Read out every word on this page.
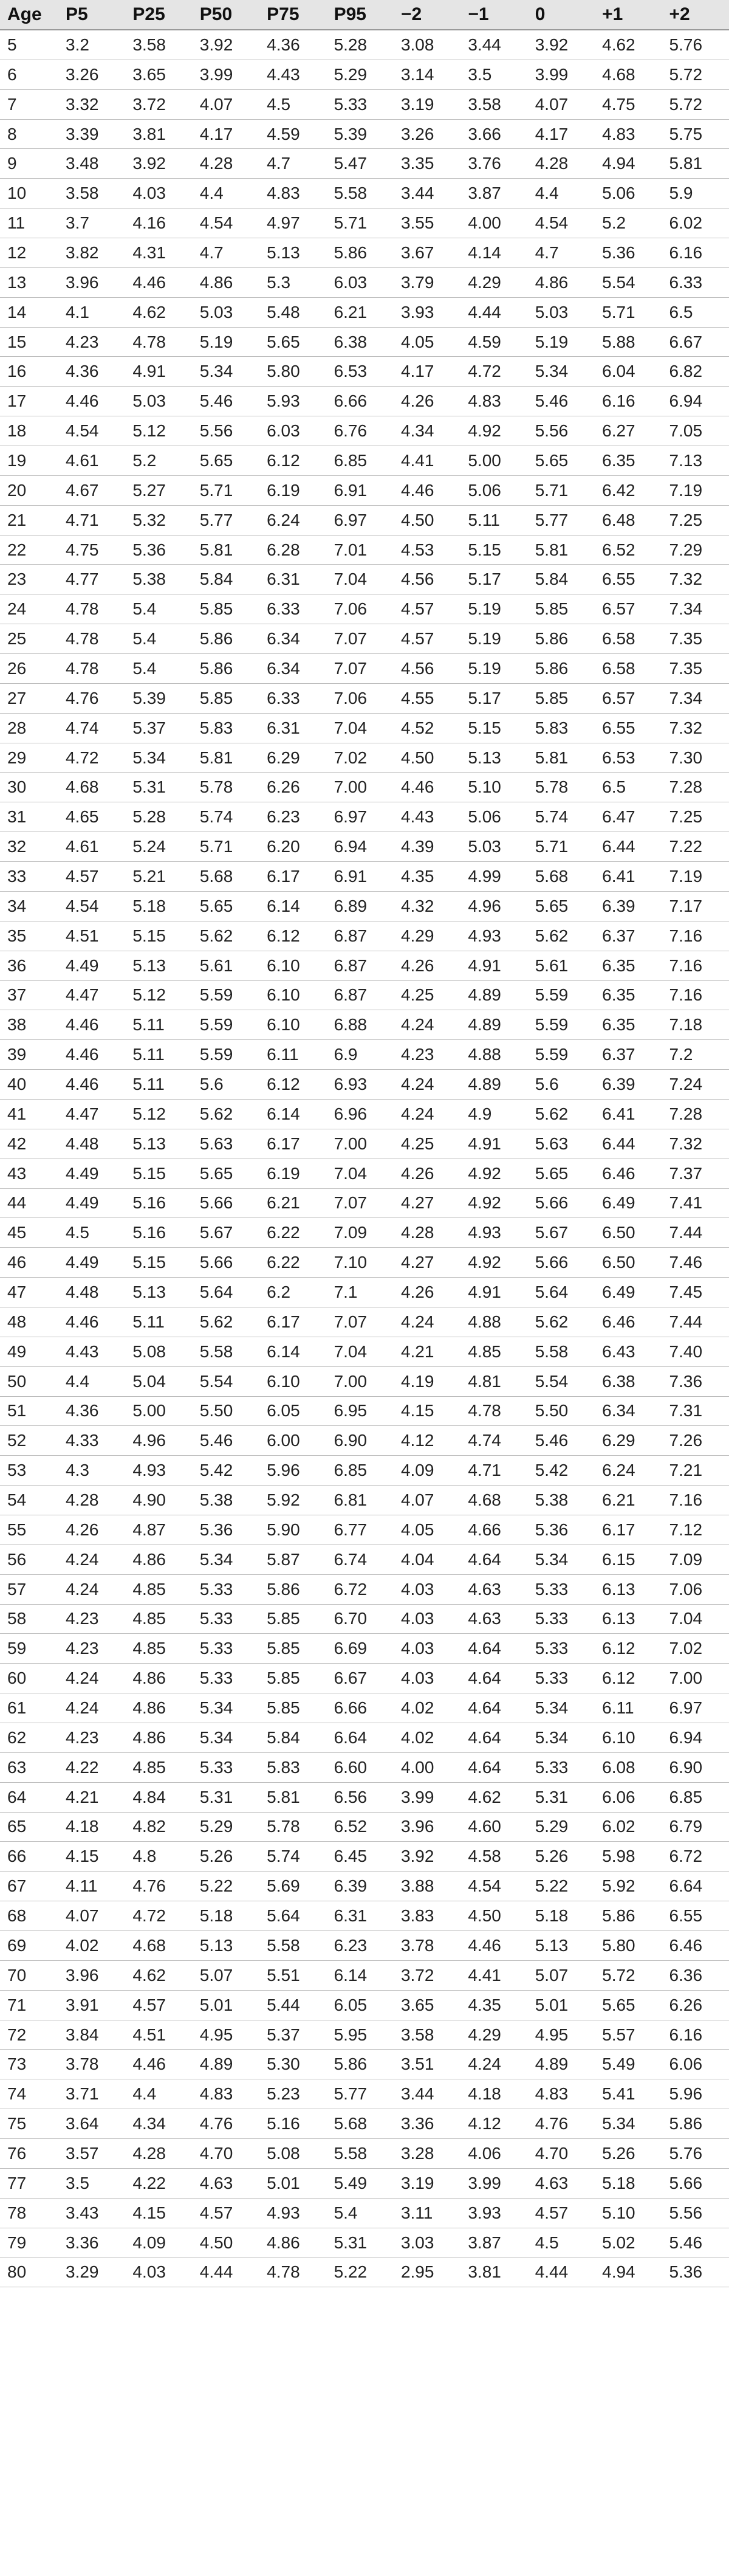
Age	P5	P25	P50	P75	P95	−2	−1	0	+1	+2
5	3.2	3.58	3.92	4.36	5.28	3.08	3.44	3.92	4.62	5.76
6	3.26	3.65	3.99	4.43	5.29	3.14	3.5	3.99	4.68	5.72
7	3.32	3.72	4.07	4.5	5.33	3.19	3.58	4.07	4.75	5.72
8	3.39	3.81	4.17	4.59	5.39	3.26	3.66	4.17	4.83	5.75
9	3.48	3.92	4.28	4.7	5.47	3.35	3.76	4.28	4.94	5.81
10	3.58	4.03	4.4	4.83	5.58	3.44	3.87	4.4	5.06	5.9
11	3.7	4.16	4.54	4.97	5.71	3.55	4.00	4.54	5.2	6.02
12	3.82	4.31	4.7	5.13	5.86	3.67	4.14	4.7	5.36	6.16
13	3.96	4.46	4.86	5.3	6.03	3.79	4.29	4.86	5.54	6.33
14	4.1	4.62	5.03	5.48	6.21	3.93	4.44	5.03	5.71	6.5
15	4.23	4.78	5.19	5.65	6.38	4.05	4.59	5.19	5.88	6.67
16	4.36	4.91	5.34	5.80	6.53	4.17	4.72	5.34	6.04	6.82
17	4.46	5.03	5.46	5.93	6.66	4.26	4.83	5.46	6.16	6.94
18	4.54	5.12	5.56	6.03	6.76	4.34	4.92	5.56	6.27	7.05
19	4.61	5.2	5.65	6.12	6.85	4.41	5.00	5.65	6.35	7.13
20	4.67	5.27	5.71	6.19	6.91	4.46	5.06	5.71	6.42	7.19
21	4.71	5.32	5.77	6.24	6.97	4.50	5.11	5.77	6.48	7.25
22	4.75	5.36	5.81	6.28	7.01	4.53	5.15	5.81	6.52	7.29
23	4.77	5.38	5.84	6.31	7.04	4.56	5.17	5.84	6.55	7.32
24	4.78	5.4	5.85	6.33	7.06	4.57	5.19	5.85	6.57	7.34
25	4.78	5.4	5.86	6.34	7.07	4.57	5.19	5.86	6.58	7.35
26	4.78	5.4	5.86	6.34	7.07	4.56	5.19	5.86	6.58	7.35
27	4.76	5.39	5.85	6.33	7.06	4.55	5.17	5.85	6.57	7.34
28	4.74	5.37	5.83	6.31	7.04	4.52	5.15	5.83	6.55	7.32
29	4.72	5.34	5.81	6.29	7.02	4.50	5.13	5.81	6.53	7.30
30	4.68	5.31	5.78	6.26	7.00	4.46	5.10	5.78	6.5	7.28
31	4.65	5.28	5.74	6.23	6.97	4.43	5.06	5.74	6.47	7.25
32	4.61	5.24	5.71	6.20	6.94	4.39	5.03	5.71	6.44	7.22
33	4.57	5.21	5.68	6.17	6.91	4.35	4.99	5.68	6.41	7.19
34	4.54	5.18	5.65	6.14	6.89	4.32	4.96	5.65	6.39	7.17
35	4.51	5.15	5.62	6.12	6.87	4.29	4.93	5.62	6.37	7.16
36	4.49	5.13	5.61	6.10	6.87	4.26	4.91	5.61	6.35	7.16
37	4.47	5.12	5.59	6.10	6.87	4.25	4.89	5.59	6.35	7.16
38	4.46	5.11	5.59	6.10	6.88	4.24	4.89	5.59	6.35	7.18
39	4.46	5.11	5.59	6.11	6.9	4.23	4.88	5.59	6.37	7.2
40	4.46	5.11	5.6	6.12	6.93	4.24	4.89	5.6	6.39	7.24
41	4.47	5.12	5.62	6.14	6.96	4.24	4.9	5.62	6.41	7.28
42	4.48	5.13	5.63	6.17	7.00	4.25	4.91	5.63	6.44	7.32
43	4.49	5.15	5.65	6.19	7.04	4.26	4.92	5.65	6.46	7.37
44	4.49	5.16	5.66	6.21	7.07	4.27	4.92	5.66	6.49	7.41
45	4.5	5.16	5.67	6.22	7.09	4.28	4.93	5.67	6.50	7.44
46	4.49	5.15	5.66	6.22	7.10	4.27	4.92	5.66	6.50	7.46
47	4.48	5.13	5.64	6.2	7.1	4.26	4.91	5.64	6.49	7.45
48	4.46	5.11	5.62	6.17	7.07	4.24	4.88	5.62	6.46	7.44
49	4.43	5.08	5.58	6.14	7.04	4.21	4.85	5.58	6.43	7.40
50	4.4	5.04	5.54	6.10	7.00	4.19	4.81	5.54	6.38	7.36
51	4.36	5.00	5.50	6.05	6.95	4.15	4.78	5.50	6.34	7.31
52	4.33	4.96	5.46	6.00	6.90	4.12	4.74	5.46	6.29	7.26
53	4.3	4.93	5.42	5.96	6.85	4.09	4.71	5.42	6.24	7.21
54	4.28	4.90	5.38	5.92	6.81	4.07	4.68	5.38	6.21	7.16
55	4.26	4.87	5.36	5.90	6.77	4.05	4.66	5.36	6.17	7.12
56	4.24	4.86	5.34	5.87	6.74	4.04	4.64	5.34	6.15	7.09
57	4.24	4.85	5.33	5.86	6.72	4.03	4.63	5.33	6.13	7.06
58	4.23	4.85	5.33	5.85	6.70	4.03	4.63	5.33	6.13	7.04
59	4.23	4.85	5.33	5.85	6.69	4.03	4.64	5.33	6.12	7.02
60	4.24	4.86	5.33	5.85	6.67	4.03	4.64	5.33	6.12	7.00
61	4.24	4.86	5.34	5.85	6.66	4.02	4.64	5.34	6.11	6.97
62	4.23	4.86	5.34	5.84	6.64	4.02	4.64	5.34	6.10	6.94
63	4.22	4.85	5.33	5.83	6.60	4.00	4.64	5.33	6.08	6.90
64	4.21	4.84	5.31	5.81	6.56	3.99	4.62	5.31	6.06	6.85
65	4.18	4.82	5.29	5.78	6.52	3.96	4.60	5.29	6.02	6.79
66	4.15	4.8	5.26	5.74	6.45	3.92	4.58	5.26	5.98	6.72
67	4.11	4.76	5.22	5.69	6.39	3.88	4.54	5.22	5.92	6.64
68	4.07	4.72	5.18	5.64	6.31	3.83	4.50	5.18	5.86	6.55
69	4.02	4.68	5.13	5.58	6.23	3.78	4.46	5.13	5.80	6.46
70	3.96	4.62	5.07	5.51	6.14	3.72	4.41	5.07	5.72	6.36
71	3.91	4.57	5.01	5.44	6.05	3.65	4.35	5.01	5.65	6.26
72	3.84	4.51	4.95	5.37	5.95	3.58	4.29	4.95	5.57	6.16
73	3.78	4.46	4.89	5.30	5.86	3.51	4.24	4.89	5.49	6.06
74	3.71	4.4	4.83	5.23	5.77	3.44	4.18	4.83	5.41	5.96
75	3.64	4.34	4.76	5.16	5.68	3.36	4.12	4.76	5.34	5.86
76	3.57	4.28	4.70	5.08	5.58	3.28	4.06	4.70	5.26	5.76
77	3.5	4.22	4.63	5.01	5.49	3.19	3.99	4.63	5.18	5.66
78	3.43	4.15	4.57	4.93	5.4	3.11	3.93	4.57	5.10	5.56
79	3.36	4.09	4.50	4.86	5.31	3.03	3.87	4.5	5.02	5.46
80	3.29	4.03	4.44	4.78	5.22	2.95	3.81	4.44	4.94	5.36
